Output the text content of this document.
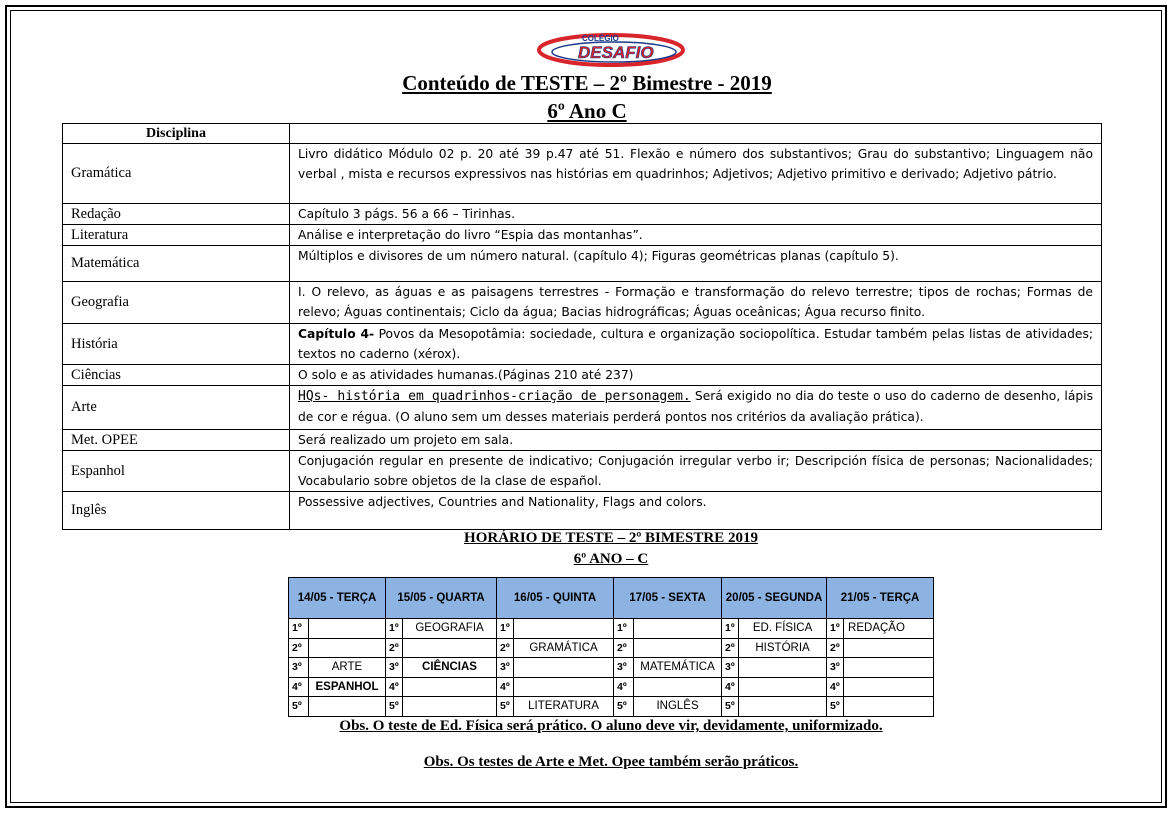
COLÉGIO
DESAFIO
Conteúdo de TESTE – 2º Bimestre - 2019
6º Ano C
Disciplina	
Gramática	Livro didático Módulo 02 p. 20 até 39 p.47 até 51. Flexão e número dos substantivos; Grau do substantivo; Linguagem não verbal , mista e recursos expressivos nas histórias em quadrinhos; Adjetivos; Adjetivo primitivo e derivado; Adjetivo pátrio.
Redação	Capítulo 3 págs. 56 a 66 – Tirinhas.
Literatura	Análise e interpretação do livro “Espia das montanhas”.
Matemática	Múltiplos e divisores de um número natural. (capítulo 4); Figuras geométricas planas (capítulo 5).
Geografia	I. O relevo, as águas e as paisagens terrestres - Formação e transformação do relevo terrestre; tipos de rochas; Formas de relevo; Águas continentais; Ciclo da água; Bacias hidrográficas; Águas oceânicas; Água recurso finito.
História	Capítulo 4- Povos da Mesopotâmia: sociedade, cultura e organização sociopolítica. Estudar também pelas listas de atividades; textos no caderno (xérox).
Ciências	O solo e as atividades humanas.(Páginas 210 até 237)
Arte	HQs- história em quadrinhos-criação de personagem. Será exigido no dia do teste o uso do caderno de desenho, lápis de cor e régua. (O aluno sem um desses materiais perderá pontos nos critérios da avaliação prática).
Met. OPEE	Será realizado um projeto em sala.
Espanhol	Conjugación regular en presente de indicativo; Conjugación irregular verbo ir; Descripción física de personas; Nacionalidades; Vocabulario sobre objetos de la clase de español.
Inglês	Possessive adjectives, Countries and Nationality, Flags and colors.
HORÁRIO DE TESTE – 2º BIMESTRE 2019
6º ANO – C
14/05 - TERÇA		15/05 - QUARTA		16/05 - QUINTA		17/05 - SEXTA		20/05 - SEGUNDA		21/05 - TERÇA	
1º		1º	GEOGRAFIA	1º		1º		1º	ED. FÍSICA	1º	REDAÇÃO
2º		2º		2º	GRAMÁTICA	2º		2º	HISTÓRIA	2º	
3º	ARTE	3º	CIÊNCIAS	3º		3º	MATEMÁTICA	3º		3º	
4º	ESPANHOL	4º		4º		4º		4º		4º	
5º		5º		5º	LITERATURA	5º	INGLÊS	5º		5º	
Obs. O teste de Ed. Física será prático. O aluno deve vir, devidamente, uniformizado.
Obs. Os testes de Arte e Met. Opee também serão práticos.
